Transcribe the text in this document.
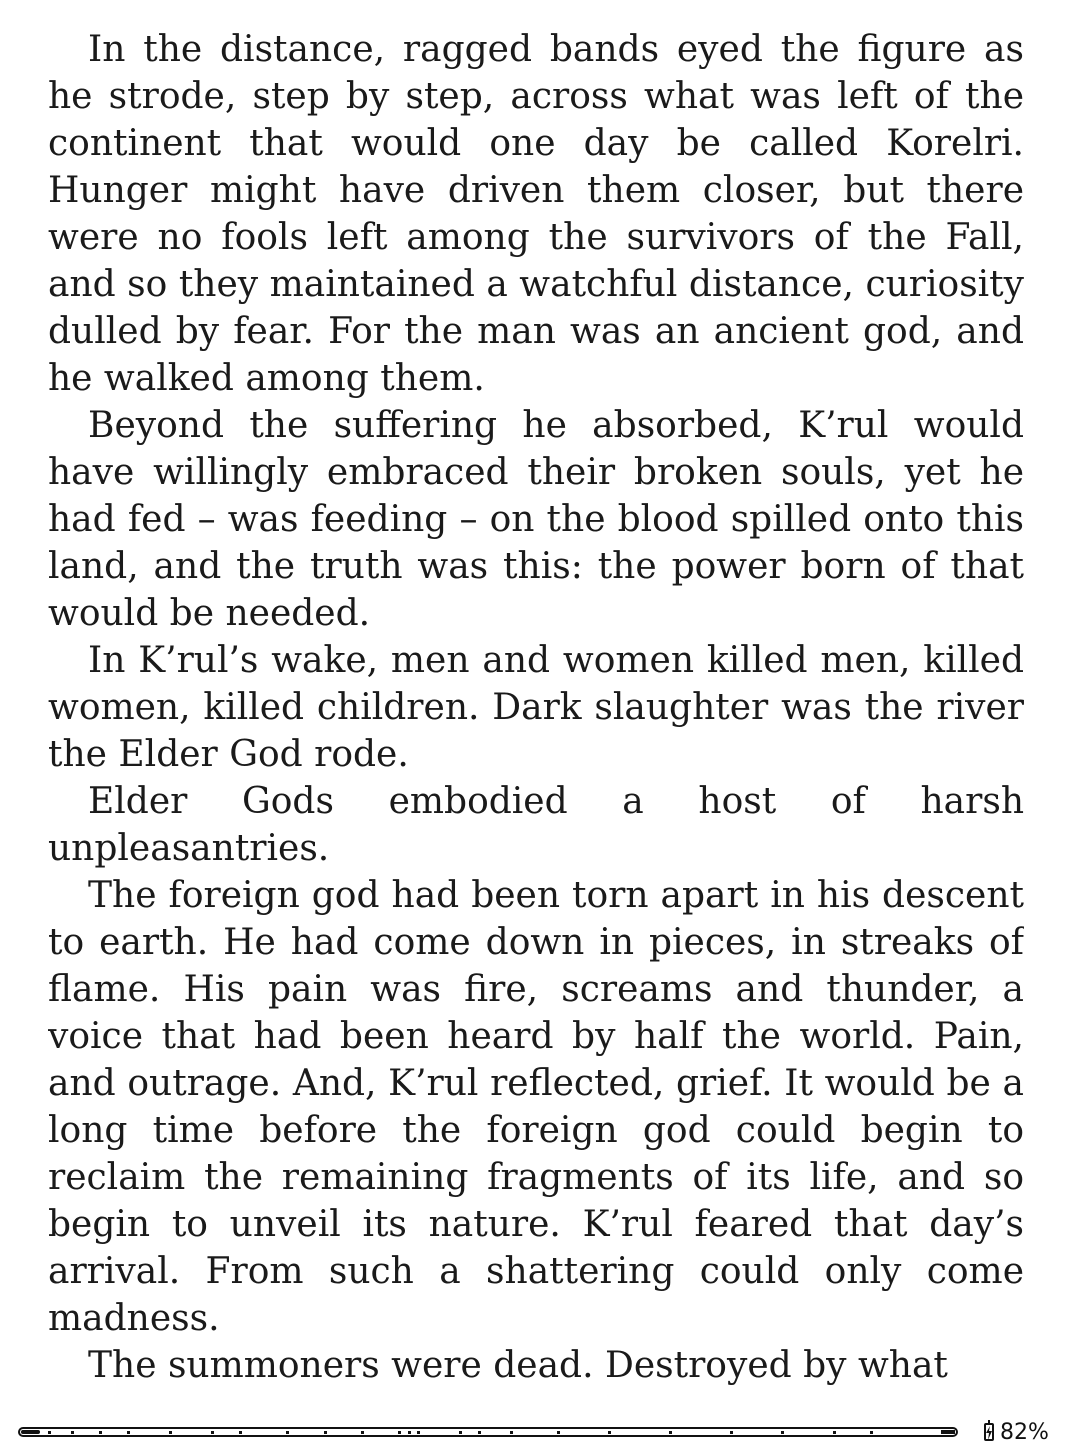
In the distance, ragged bands eyed the figure as he strode, step by step, across what was left of the continent that would one day be called Korelri. Hunger might have driven them closer, but there were no fools left among the survivors of the Fall, and so they maintained a watchful distance, curiosity dulled by fear. For the man was an ancient god, and he walked among them.

Beyond the suffering he absorbed, K’rul would have willingly embraced their broken souls, yet he had fed – was feeding – on the blood spilled onto this land, and the truth was this: the power born of that would be needed.

In K’rul’s wake, men and women killed men, killed women, killed children. Dark slaughter was the river the Elder God rode.

Elder Gods embodied a host of harsh unpleasantries.

The foreign god had been torn apart in his descent to earth. He had come down in pieces, in streaks of flame. His pain was fire, screams and thunder, a voice that had been heard by half the world. Pain, and outrage. And, K’rul reflected, grief. It would be a long time before the foreign god could begin to reclaim the remaining fragments of its life, and so begin to unveil its nature. K’rul feared that day’s arrival. From such a shattering could only come madness.

The summoners were dead. Destroyed by what

82%
